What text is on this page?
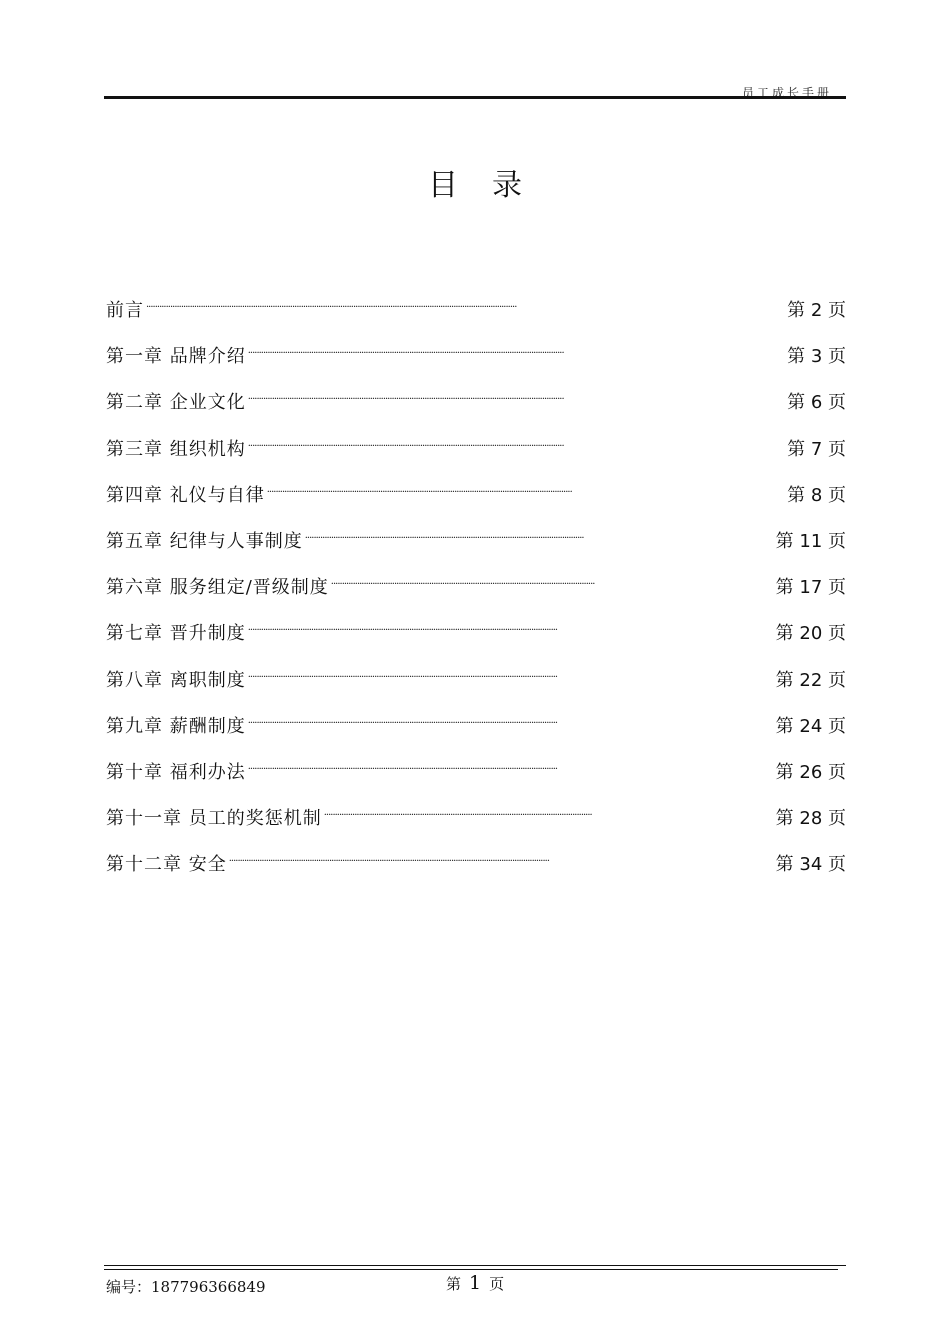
员工成长手册
目录
前言 ··········································································································································································	第 2 页
第一章 品牌介绍 ·················································································································································	第 3 页
第二章 企业文化 ·················································································································································	第 6 页
第三章 组织机构 ·················································································································································	第 7 页
第四章 礼仪与自律 ············································································································································	第 8 页
第五章 纪律与人事制度 ································································································································	第 11 页
第六章 服务组定/晋级制度 ·························································································································	第 17 页
第七章 晋升制度 ··············································································································································	第 20 页
第八章 离职制度 ··············································································································································	第 22 页
第九章 薪酬制度 ··············································································································································	第 24 页
第十章 福利办法 ··············································································································································	第 26 页
第十一章 员工的奖惩机制 ···························································································································	第 28 页
第十二章 安全 ···················································································································································	第 34 页
编号：187796366849	第 1 页
